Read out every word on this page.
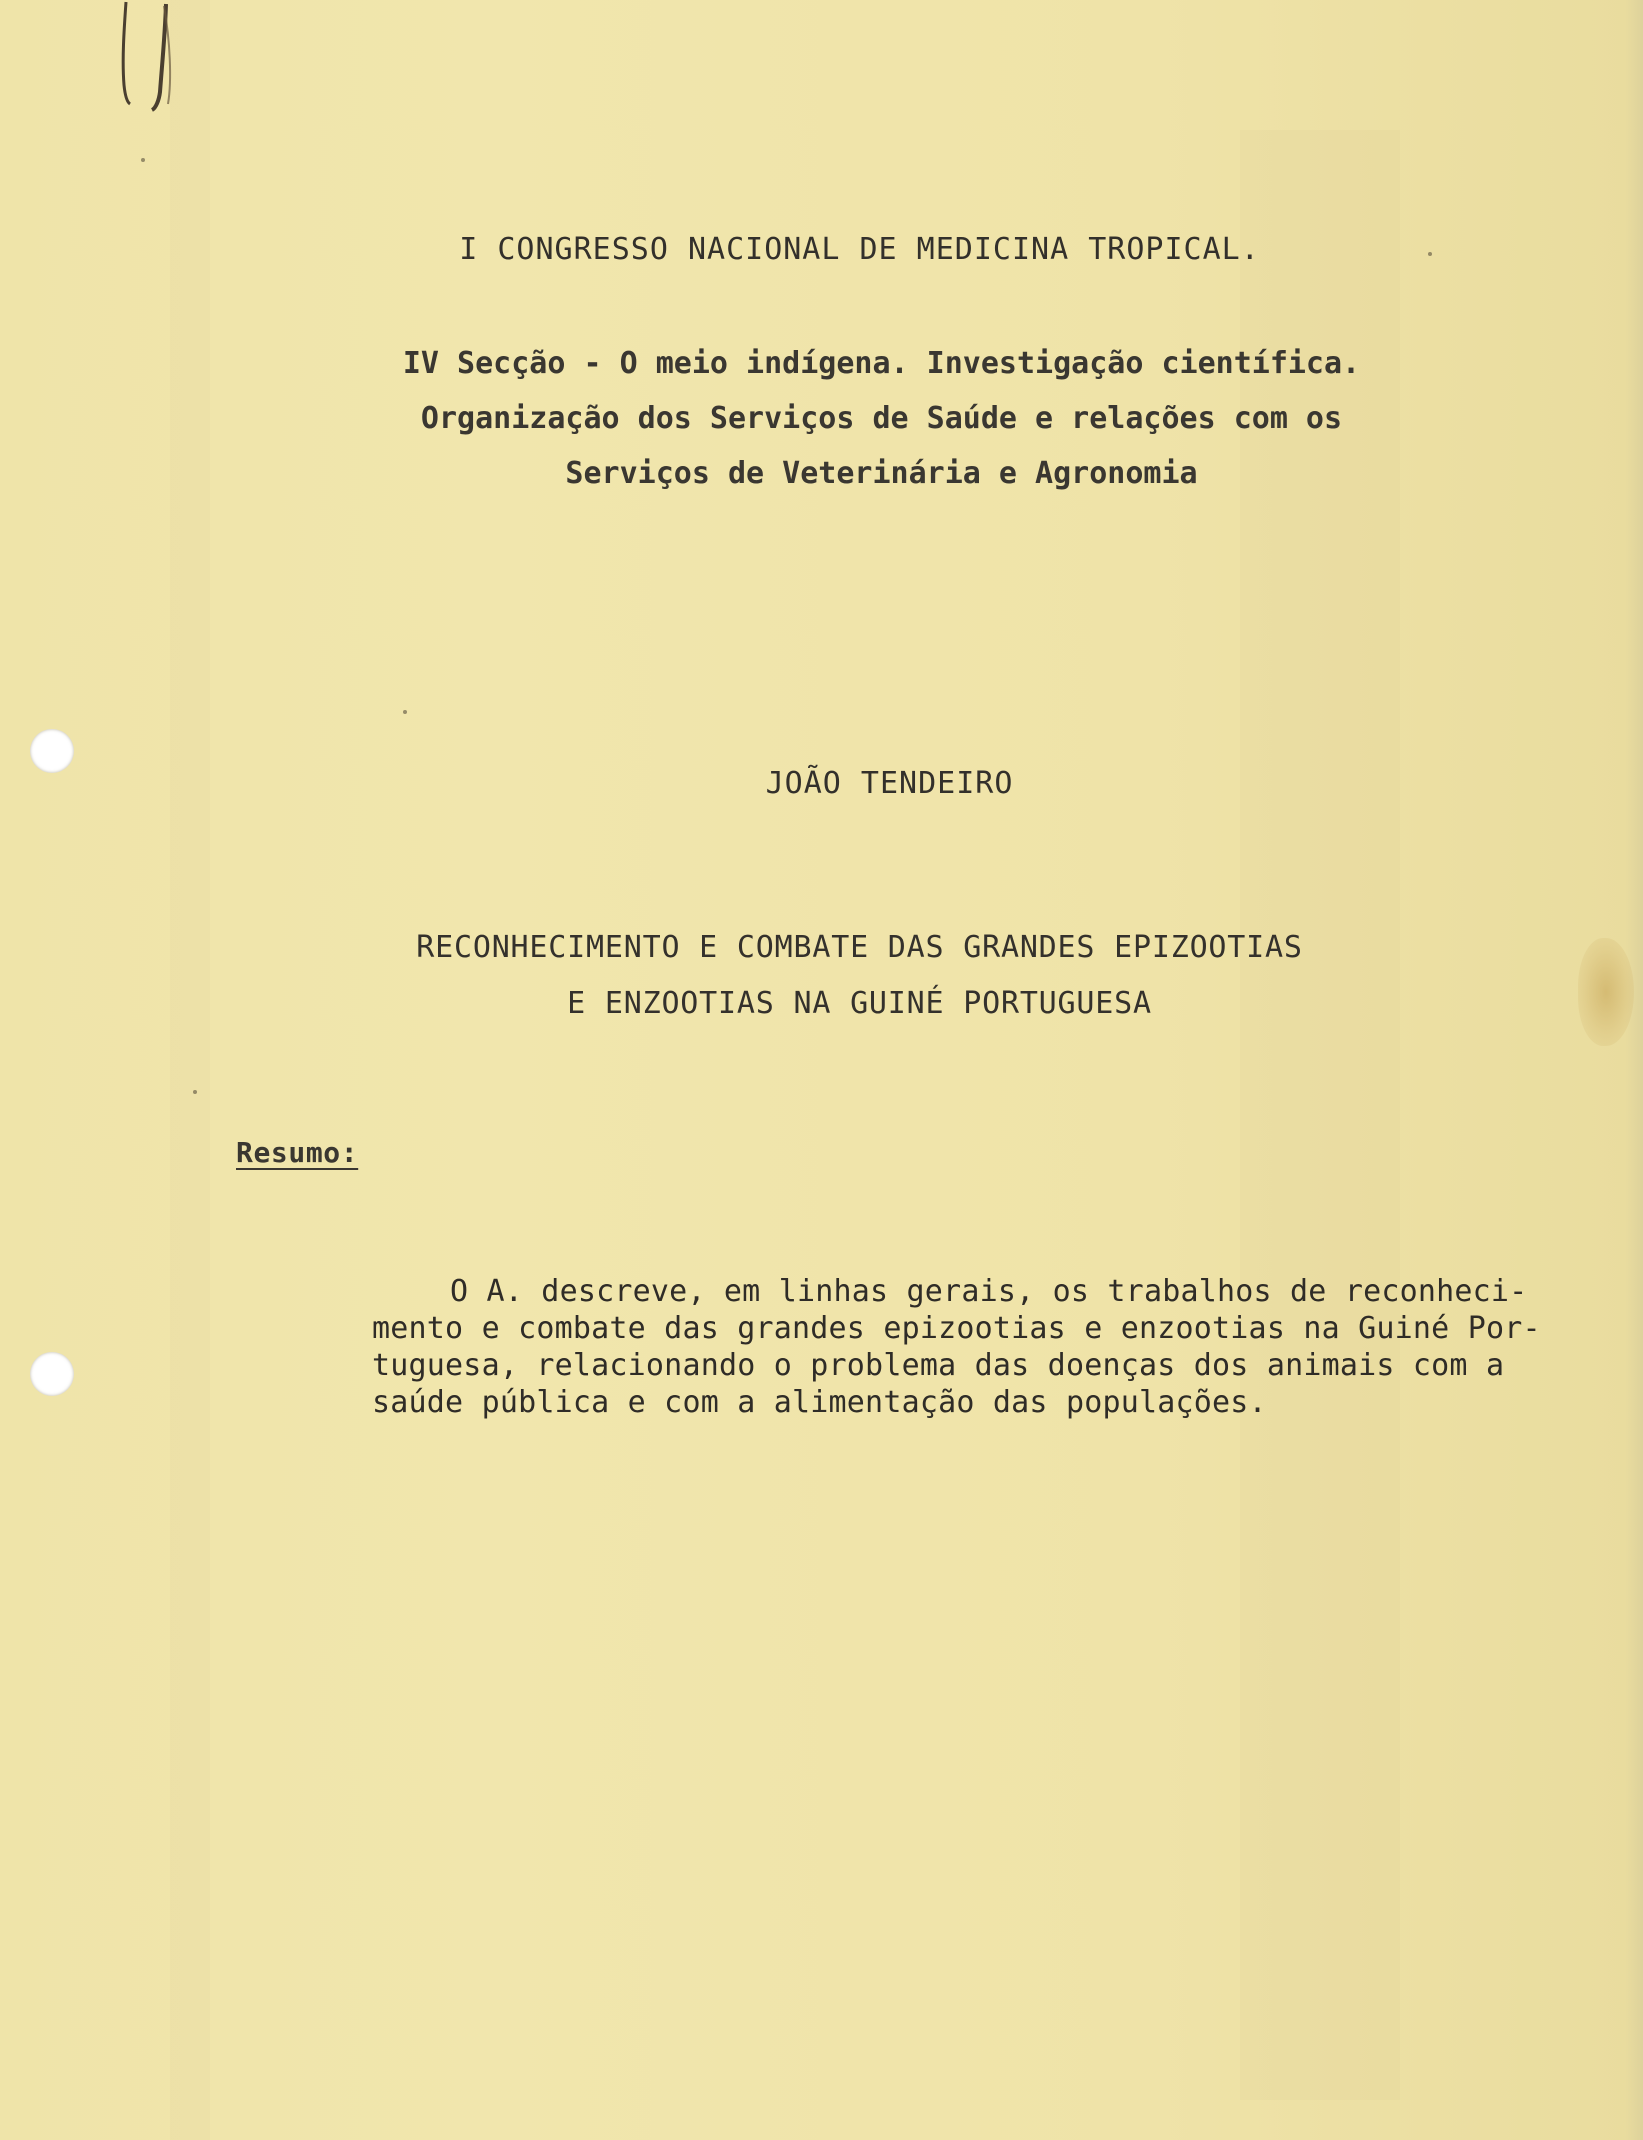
I CONGRESSO NACIONAL DE MEDICINA TROPICAL.
IV Secção - O meio indígena. Investigação científica.
Organização dos Serviços de Saúde e relações com os
Serviços de Veterinária e Agronomia
JOÃO TENDEIRO
RECONHECIMENTO E COMBATE DAS GRANDES EPIZOOTIAS
E ENZOOTIAS NA GUINÉ PORTUGUESA
Resumo:
O A. descreve, em linhas gerais, os trabalhos de reconheci-
mento e combate das grandes epizootias e enzootias na Guiné Por-
tuguesa, relacionando o problema das doenças dos animais com a
saúde pública e com a alimentação das populações.
